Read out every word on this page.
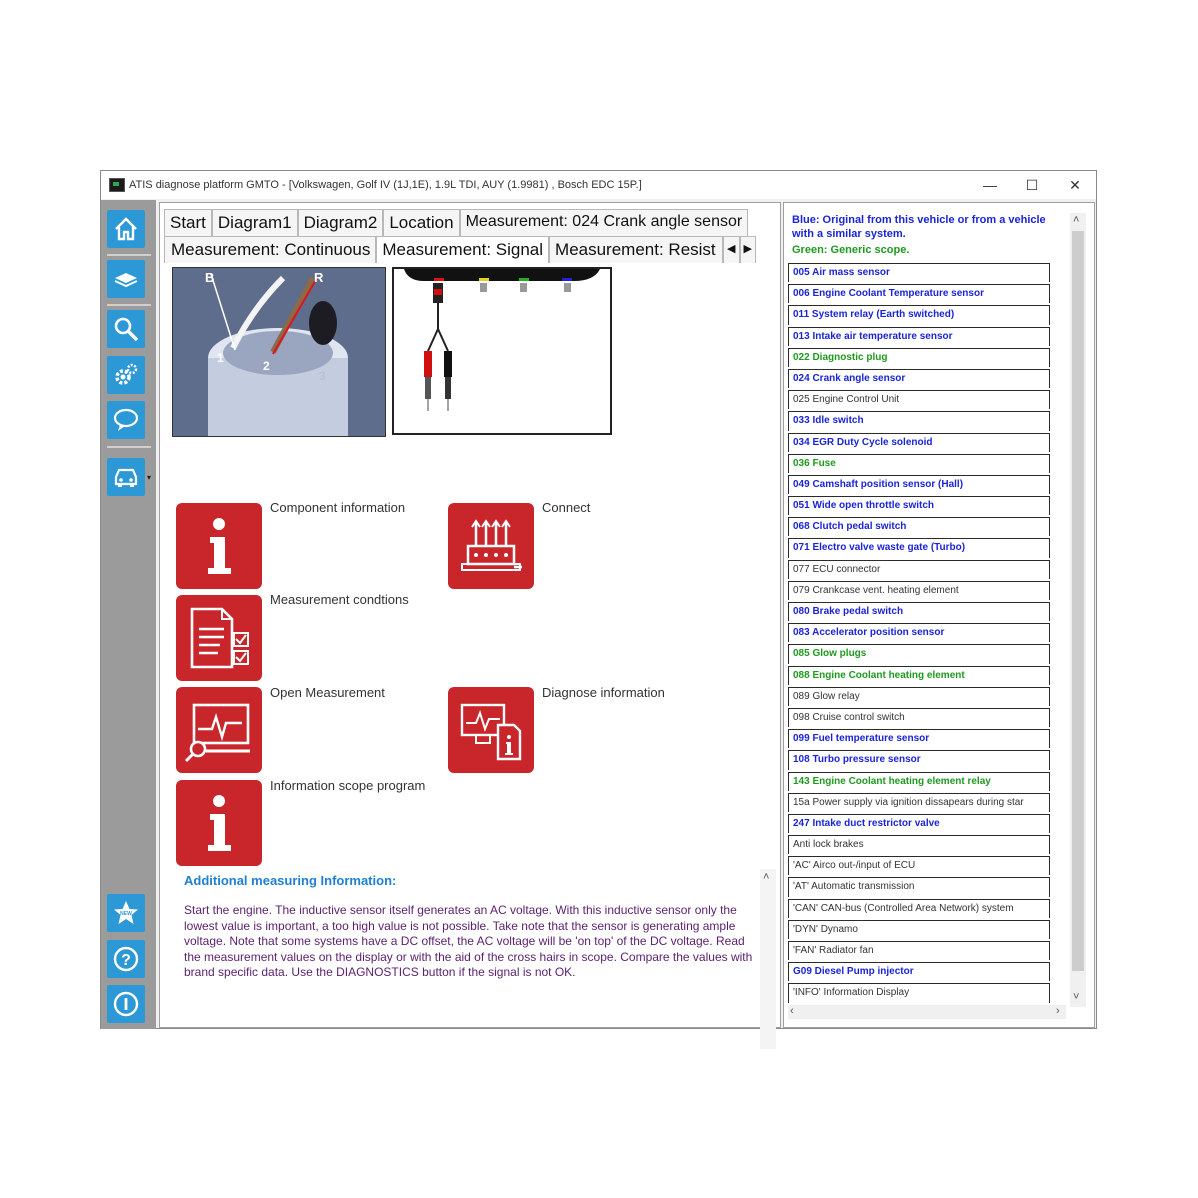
ATIS diagnose platform GMTO - [Volkswagen, Golf IV (1J,1E), 1.9L TDI, AUY (1.9981) , Bosch EDC 15P.]	—	☐	✕
▾
NEW
?
Start Diagram1 Diagram2 Location Measurement: 024 Crank angle sensor
Measurement: Continuous Measurement: Signal Measurement: Resist	◀ ▶
B	R
1
2
3
Component information	Connect
Measurement condtions
Open Measurement	Diagnose information
Information scope program
Additional measuring Information:
Start the engine. The inductive sensor itself generates an AC voltage. With this inductive sensor only the lowest value is important, a too high value is not possible. Take note that the sensor is generating ample voltage. Note that some systems have a DC offset, the AC voltage will be 'on top' of the DC voltage. Read the measurement values on the display or with the aid of the cross hairs in scope. Compare the values with brand specific data. Use the DIAGNOSTICS button if the signal is not OK.
˄
Blue: Original from this vehicle or from a vehicle with a similar system.
Green: Generic scope.
005 Air mass sensor
006 Engine Coolant Temperature sensor
011 System relay (Earth switched)
013 Intake air temperature sensor
022 Diagnostic plug
024 Crank angle sensor
025 Engine Control Unit
033 Idle switch
034 EGR Duty Cycle solenoid
036 Fuse
049 Camshaft position sensor (Hall)
051 Wide open throttle switch
068 Clutch pedal switch
071 Electro valve waste gate (Turbo)
077 ECU connector
079 Crankcase vent. heating element
080 Brake pedal switch
083 Accelerator position sensor
085 Glow plugs
088 Engine Coolant heating element
089 Glow relay
098 Cruise control switch
099 Fuel temperature sensor
108 Turbo pressure sensor
143 Engine Coolant heating element relay
15a Power supply via ignition dissapears during star
247 Intake duct restrictor valve
Anti lock brakes
'AC' Airco out-/input of ECU
'AT' Automatic transmission
'CAN' CAN-bus (Controlled Area Network) system
'DYN' Dynamo
'FAN' Radiator fan
G09 Diesel Pump injector
'INFO' Information Display
˄
˅
‹	›
